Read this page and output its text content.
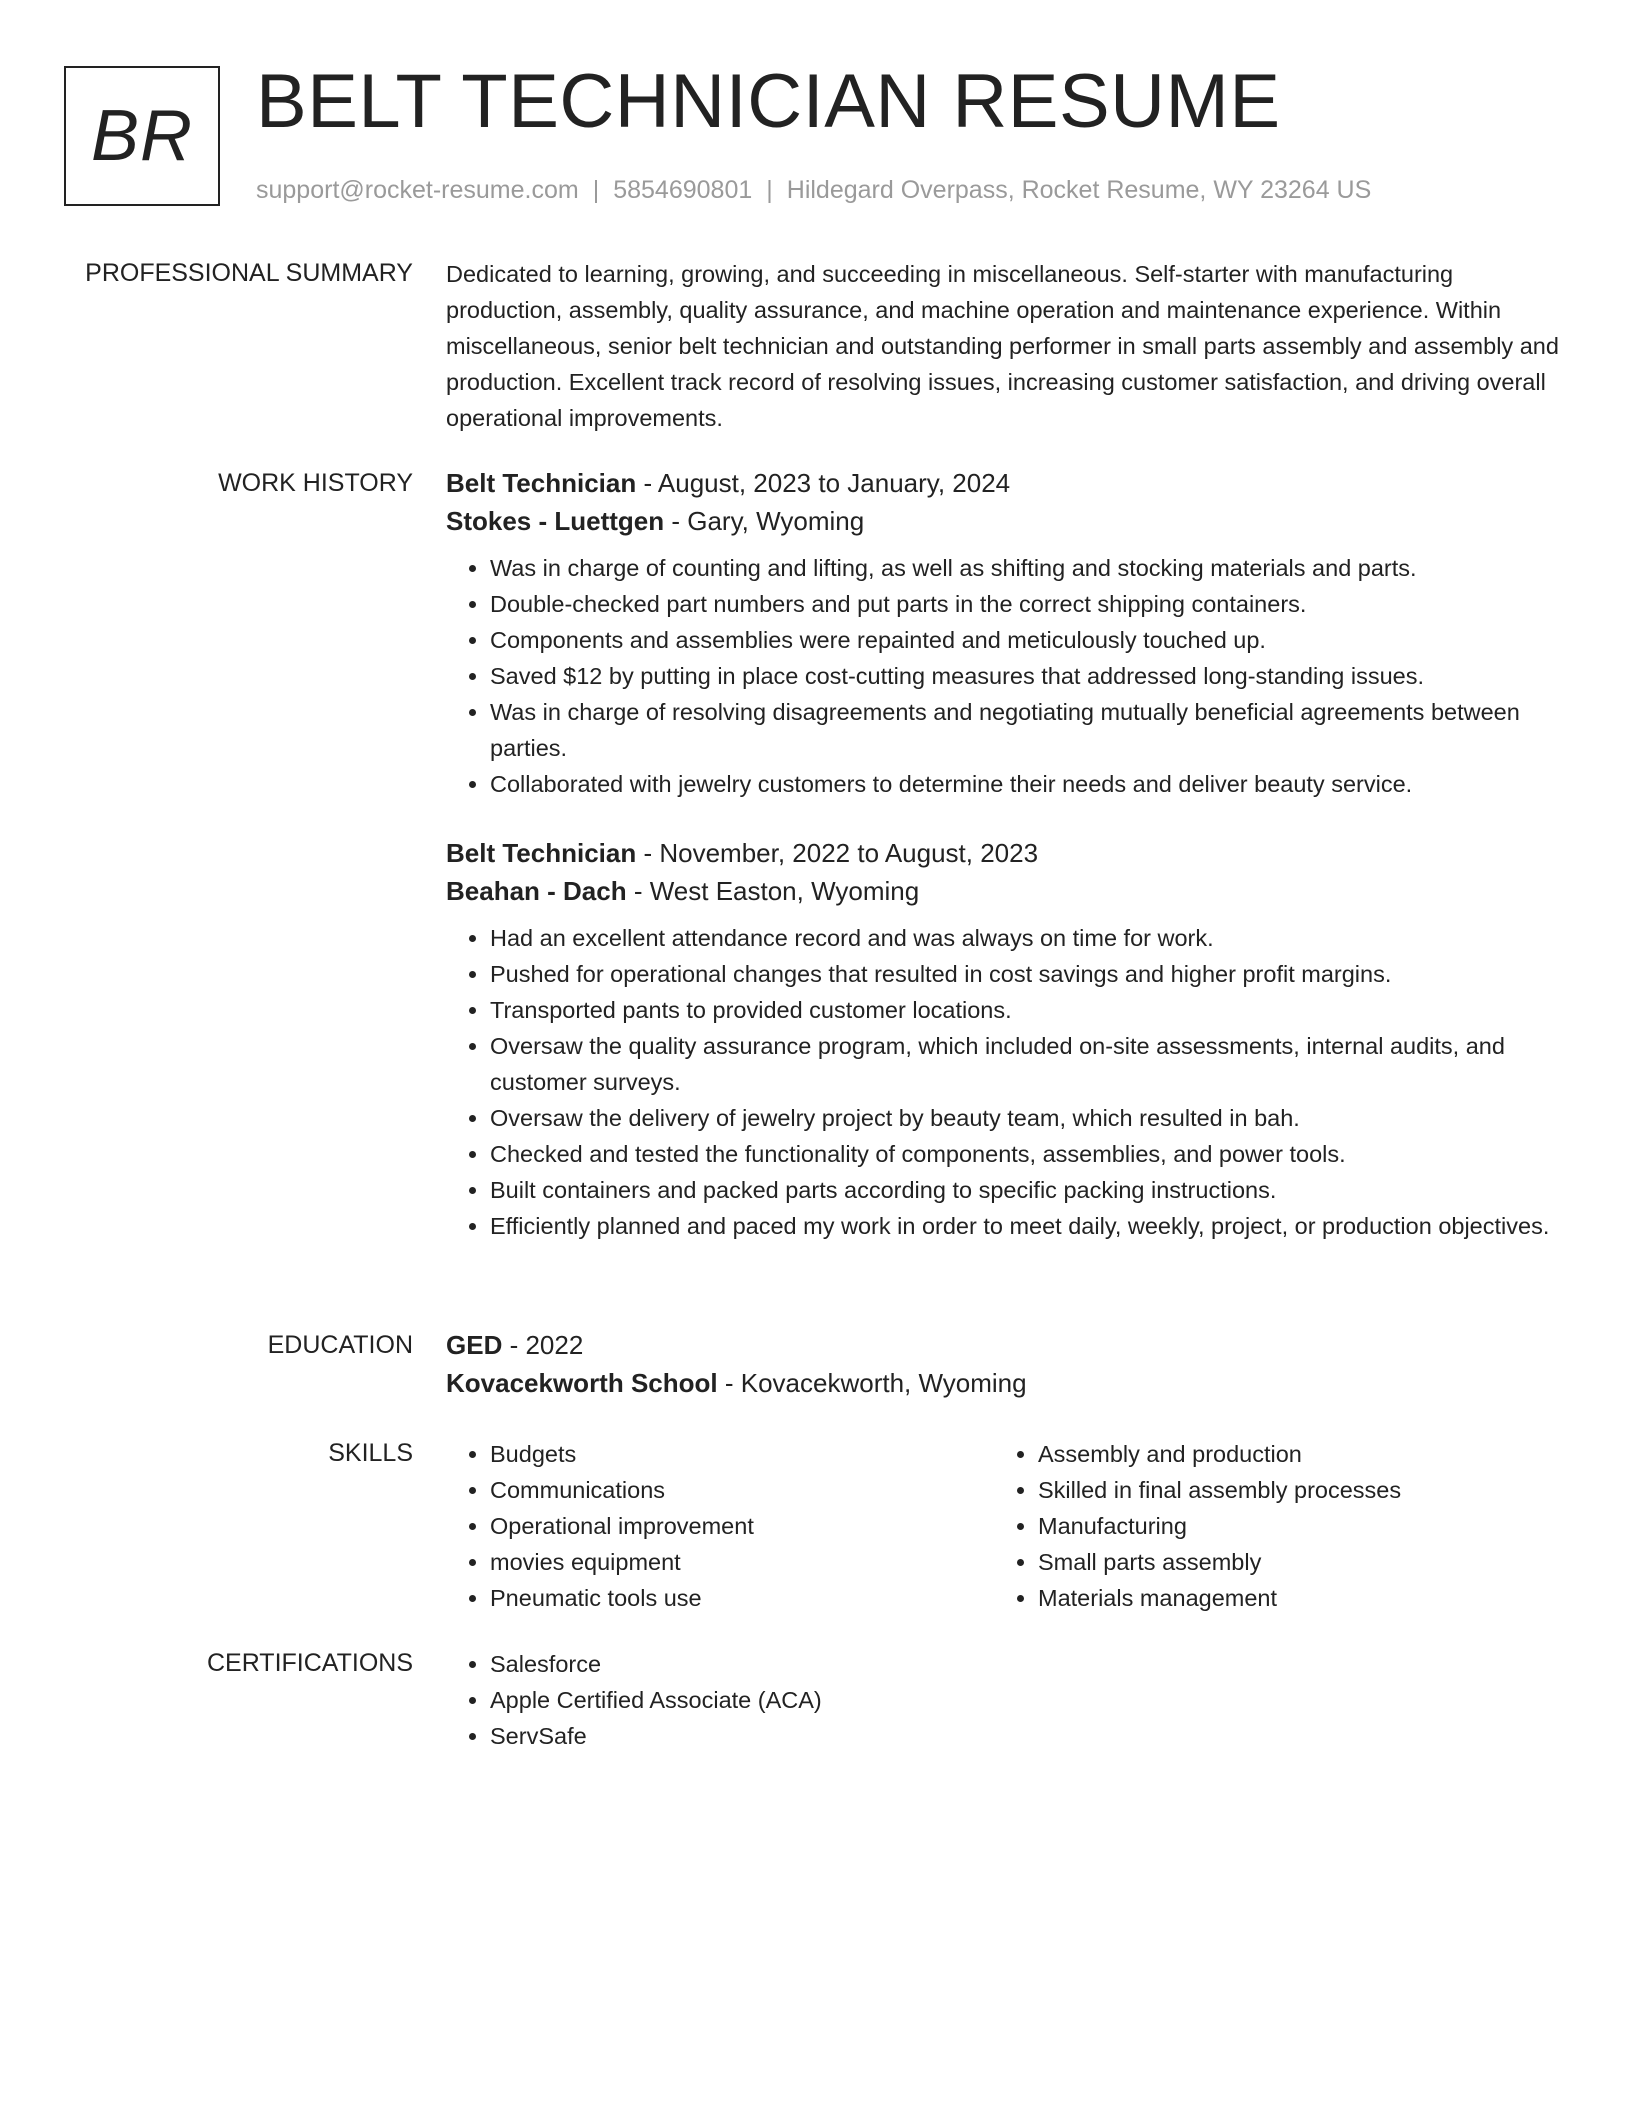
BR BELT TECHNICIAN RESUME
support@rocket-resume.com | 5854690801 | Hildegard Overpass, Rocket Resume, WY 23264 US
PROFESSIONAL SUMMARY Dedicated to learning, growing, and succeeding in miscellaneous. Self-starter with manufacturing production, assembly, quality assurance, and machine operation and maintenance experience. Within miscellaneous, senior belt technician and outstanding performer in small parts assembly and assembly and production. Excellent track record of resolving issues, increasing customer satisfaction, and driving overall operational improvements.

WORK HISTORY Belt Technician - August, 2023 to January, 2024
Stokes - Luettgen - Gary, Wyoming
• Was in charge of counting and lifting, as well as shifting and stocking materials and parts.
• Double-checked part numbers and put parts in the correct shipping containers.
• Components and assemblies were repainted and meticulously touched up.
• Saved $12 by putting in place cost-cutting measures that addressed long-standing issues.
• Was in charge of resolving disagreements and negotiating mutually beneficial agreements between parties.
• Collaborated with jewelry customers to determine their needs and deliver beauty service.
Belt Technician - November, 2022 to August, 2023
Beahan - Dach - West Easton, Wyoming
• Had an excellent attendance record and was always on time for work.
• Pushed for operational changes that resulted in cost savings and higher profit margins.
• Transported pants to provided customer locations.
• Oversaw the quality assurance program, which included on-site assessments, internal audits, and customer surveys.
• Oversaw the delivery of jewelry project by beauty team, which resulted in bah.
• Checked and tested the functionality of components, assemblies, and power tools.
• Built containers and packed parts according to specific packing instructions.
• Efficiently planned and paced my work in order to meet daily, weekly, project, or production objectives.
EDUCATION GED - 2022
Kovacekworth School - Kovacekworth, Wyoming
SKILLS	• Budgets
• Communications
• Operational improvement
• movies equipment
• Pneumatic tools use
• Assembly and production
• Skilled in final assembly processes
• Manufacturing
• Small parts assembly
• Materials management
CERTIFICATIONS	• Salesforce
• Apple Certified Associate (ACA)
• ServSafe
